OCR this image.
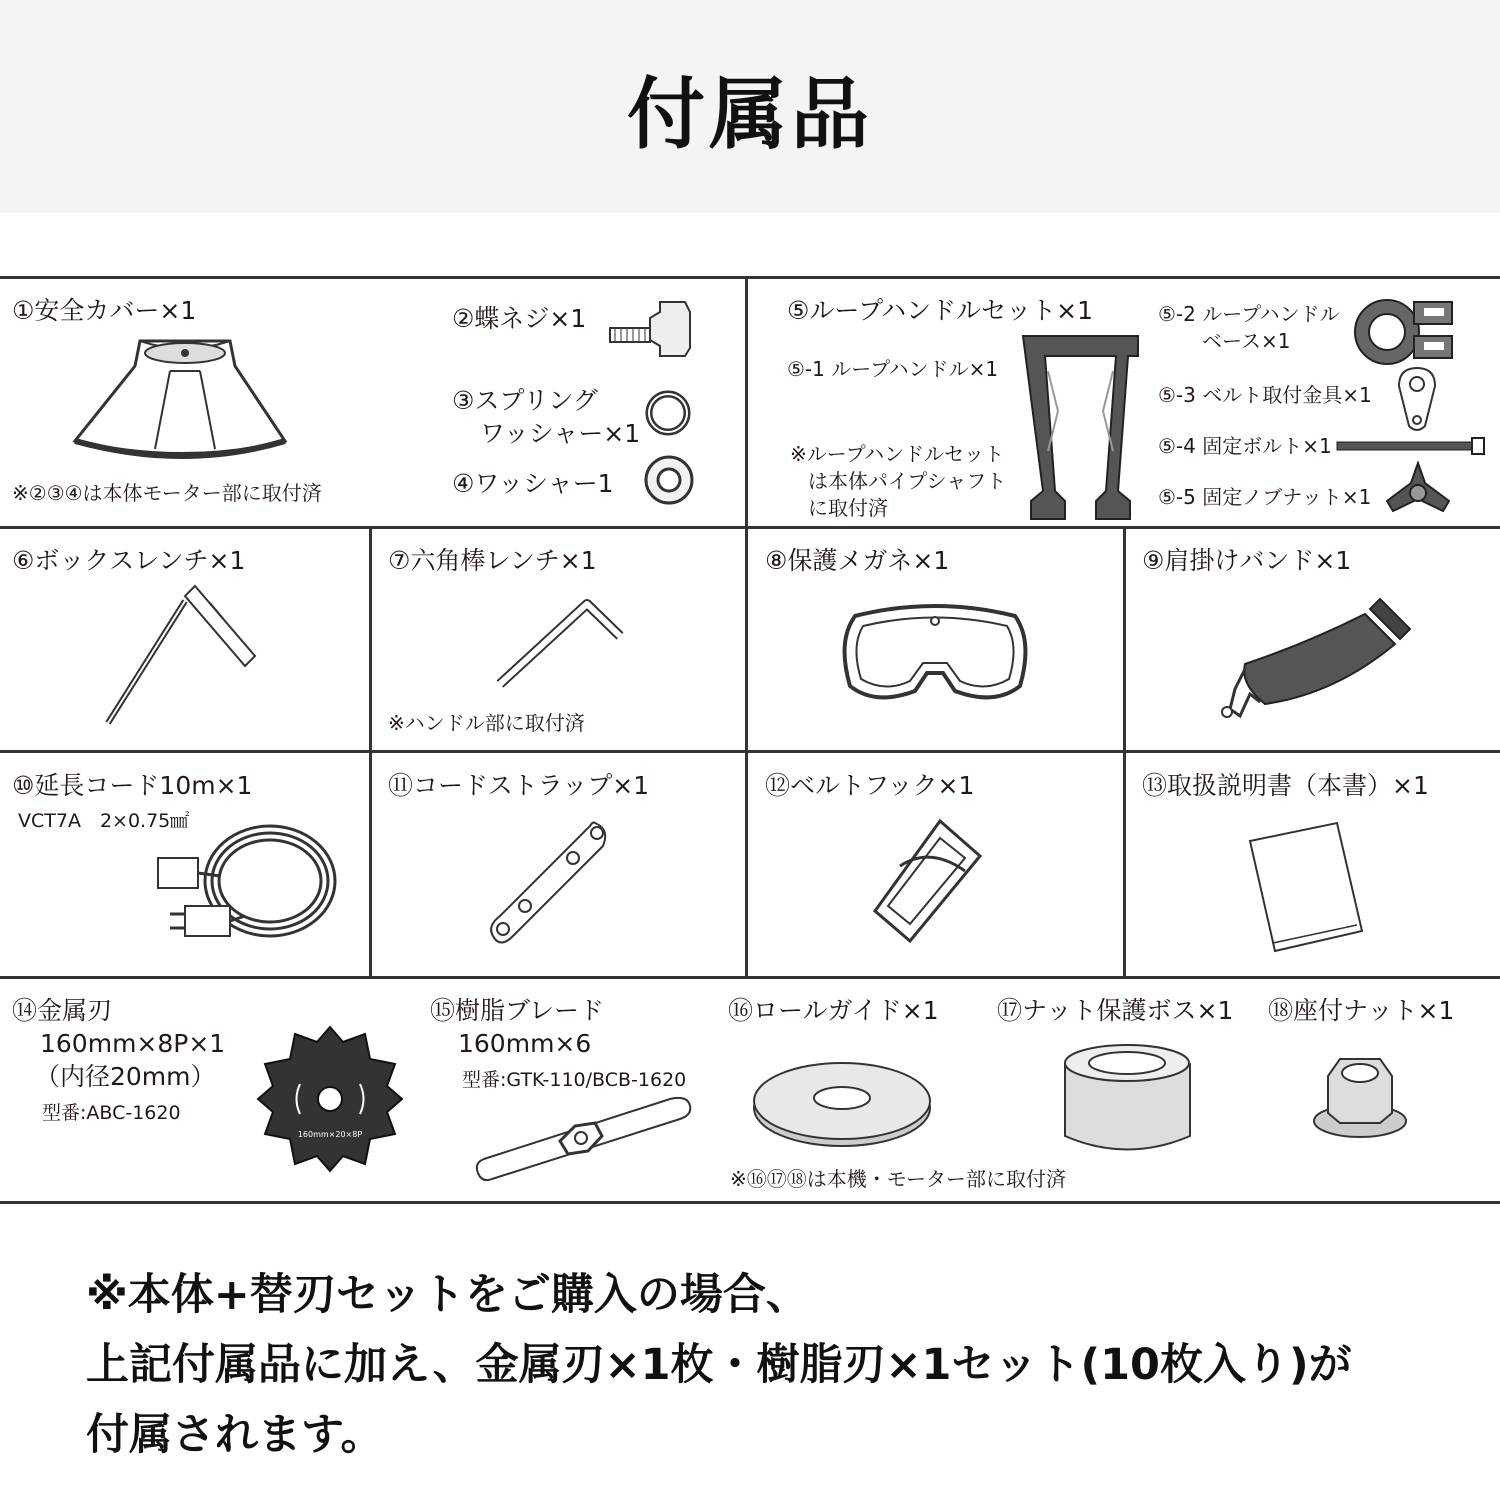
付属品
①安全カバー×1
※②③④は本体モーター部に取付済
②蝶ネジ×1
③スプリング
ワッシャー×1
④ワッシャー1
⑤ループハンドルセット×1
⑤-1 ループハンドル×1
※ループハンドルセット
は本体パイプシャフト
に取付済
⑤-2 ループハンドル
ベース×1
⑤-3 ベルト取付金具×1
⑤-4 固定ボルト×1
⑤-5 固定ノブナット×1
⑥ボックスレンチ×1	⑦六角棒レンチ×1
※ハンドル部に取付済
⑧保護メガネ×1	⑨肩掛けバンド×1
⑩延長コード10m×1
VCT7A　2×0.75㎟
⑪コードストラップ×1	⑫ベルトフック×1	⑬取扱説明書（本書）×1
⑭金属刃
160mm×8P×1
（内径20mm）
型番:ABC-1620
160mm×20×8P
⑮樹脂ブレード
160mm×6
型番:GTK-110/BCB-1620
⑯ロールガイド×1 ⑰ナット保護ボス×1 ⑱座付ナット×1
※⑯⑰⑱は本機・モーター部に取付済
※本体+替刃セットをご購入の場合、
上記付属品に加え、金属刃×1枚・樹脂刃×1セット(10枚入り)が
付属されます。
